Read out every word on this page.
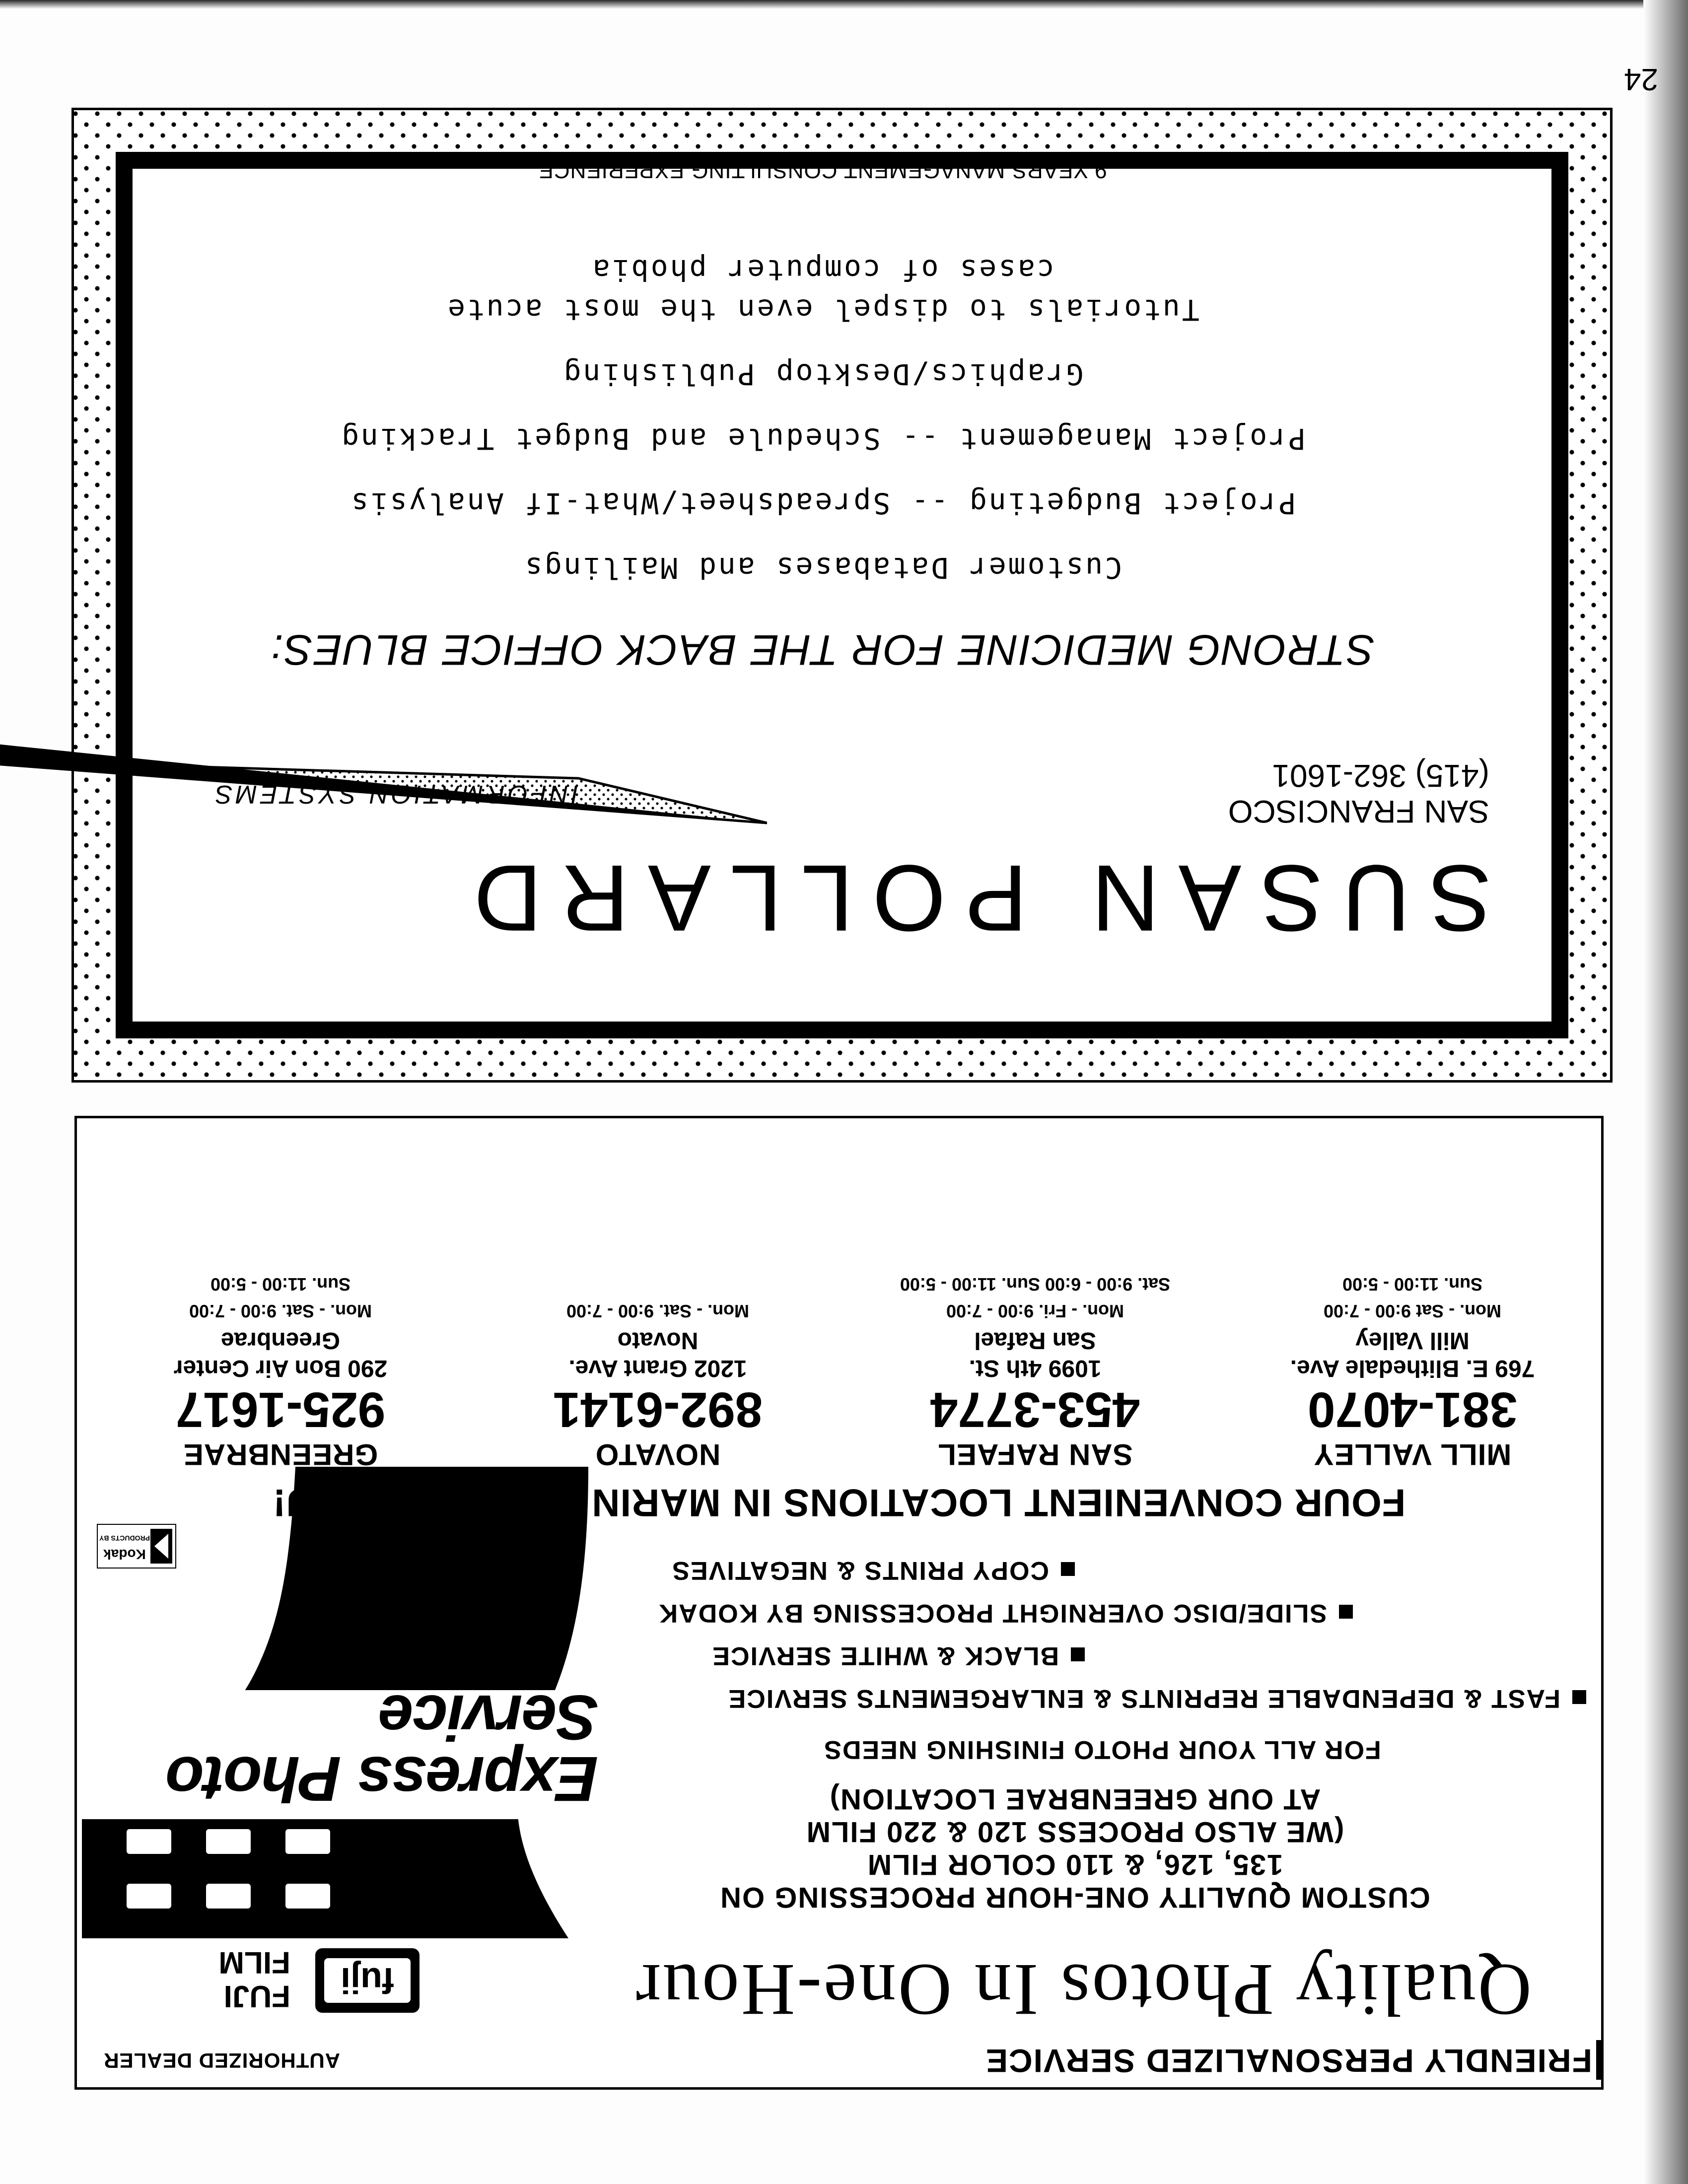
24
FRIENDLY PERSONALIZED SERVICE
AUTHORIZED DEALER
Quality Photos In One-Hour
fuji
FUJI
FILM
Express Photo
Service
CUSTOM QUALITY ONE-HOUR PROCESSING ON
135, 126, & 110 COLOR FILM
(WE ALSO PROCESS 120 & 220 FILM
AT OUR GREENBRAE LOCATION)
FOR ALL YOUR PHOTO FINISHING NEEDS
FAST & DEPENDABLE REPRINTS & ENLARGEMENTS SERVICE
BLACK & WHITE SERVICE
SLIDE/DISC OVERNIGHT PROCESSING BY KODAK
COPY PRINTS & NEGATIVES
Kodak
PRODUCTS BY
FOUR CONVENIENT LOCATIONS IN MARIN TO SERVE YOU!
MILL VALLEY
381-4070
769 E. Blithedale Ave.
Mill Valley
Mon. - Sat 9:00 - 7:00
Sun. 11:00 - 5:00
SAN RAFAEL
453-3774
1099 4th St.
San Rafael
Mon. - Fri. 9:00 - 7:00
Sat. 9:00 - 6:00 Sun. 11:00 - 5:00
NOVATO
892-6141
1202 Grant Ave.
Novato
Mon. - Sat. 9:00 - 7:00
GREENBRAE
925-1617
290 Bon Air Center
Greenbrae
Mon. - Sat. 9:00 - 7:00
Sun. 11:00 - 5:00
SUSAN POLLARD
SAN FRANCISCO
(415) 362-1601
INFORMATION SYSTEMS
STRONG MEDICINE FOR THE BACK OFFICE BLUES:
Customer Databases and Mailings
Project Budgeting -- Spreadsheet/What-If Analysis
Project Management -- Schedule and Budget Tracking
Graphics/Desktop Publishing
Tutorials to dispel even the most acute
cases of computer phobia
9 YEARS MANAGEMENT CONSULTING EXPERIENCE
